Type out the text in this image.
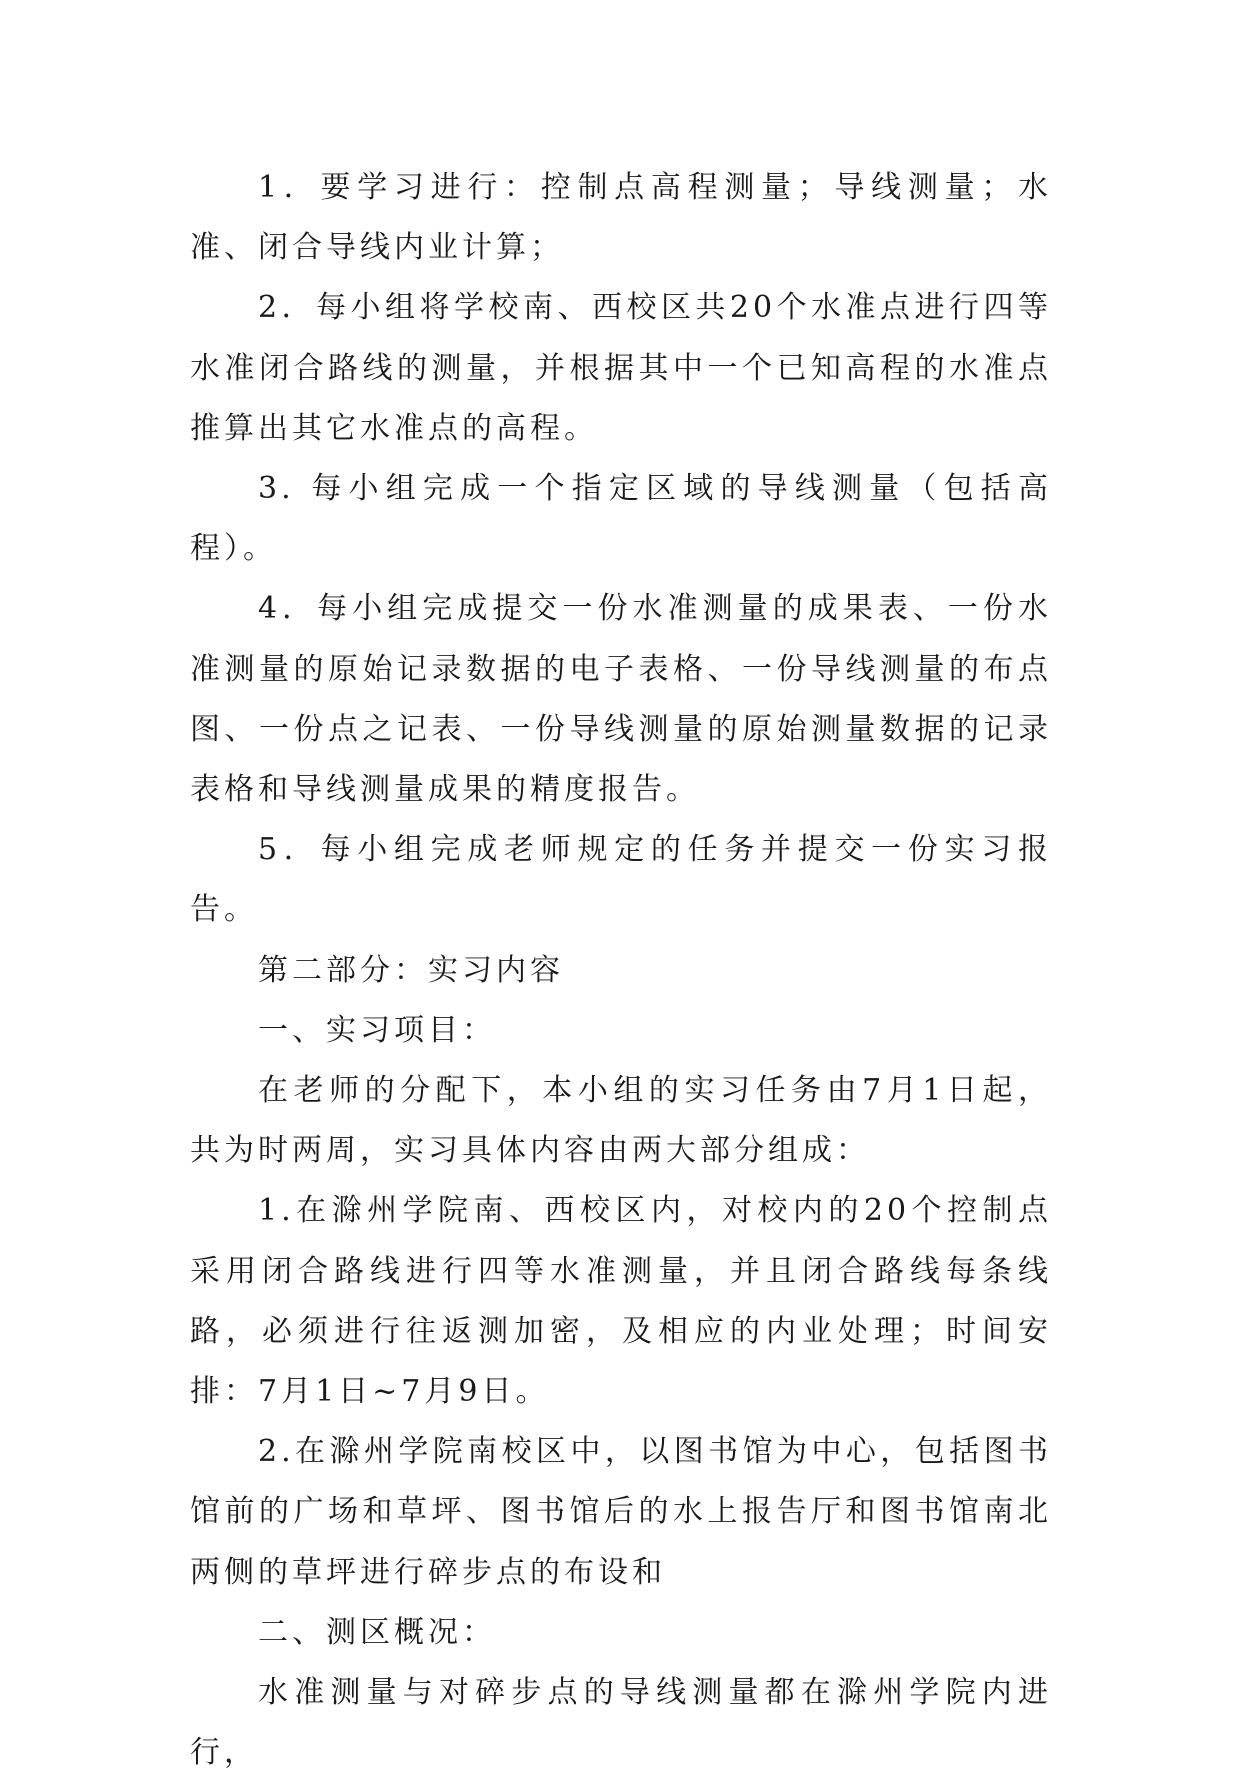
1．要学习进行：控制点高程测量；导线测量；水准、闭合导线内业计算；

2．每小组将学校南、西校区共20个水准点进行四等水准闭合路线的测量，并根据其中一个已知高程的水准点推算出其它水准点的高程。

3. 每小组完成一个指定区域的导线测量（包括高程）。

4．每小组完成提交一份水准测量的成果表、一份水准测量的原始记录数据的电子表格、一份导线测量的布点图、一份点之记表、一份导线测量的原始测量数据的记录表格和导线测量成果的精度报告。

5．每小组完成老师规定的任务并提交一份实习报告。

第二部分：实习内容

一、实习项目：

在老师的分配下，本小组的实习任务由7月1日起，共为时两周，实习具体内容由两大部分组成：

1.在滁州学院南、西校区内，对校内的20个控制点采用闭合路线进行四等水准测量，并且闭合路线每条线路，必须进行往返测加密，及相应的内业处理；时间安排：7月1日~7月9日。

2.在滁州学院南校区中，以图书馆为中心，包括图书馆前的广场和草坪、图书馆后的水上报告厅和图书馆南北两侧的草坪进行碎步点的布设和

二、测区概况：

水准测量与对碎步点的导线测量都在滁州学院内进行，
